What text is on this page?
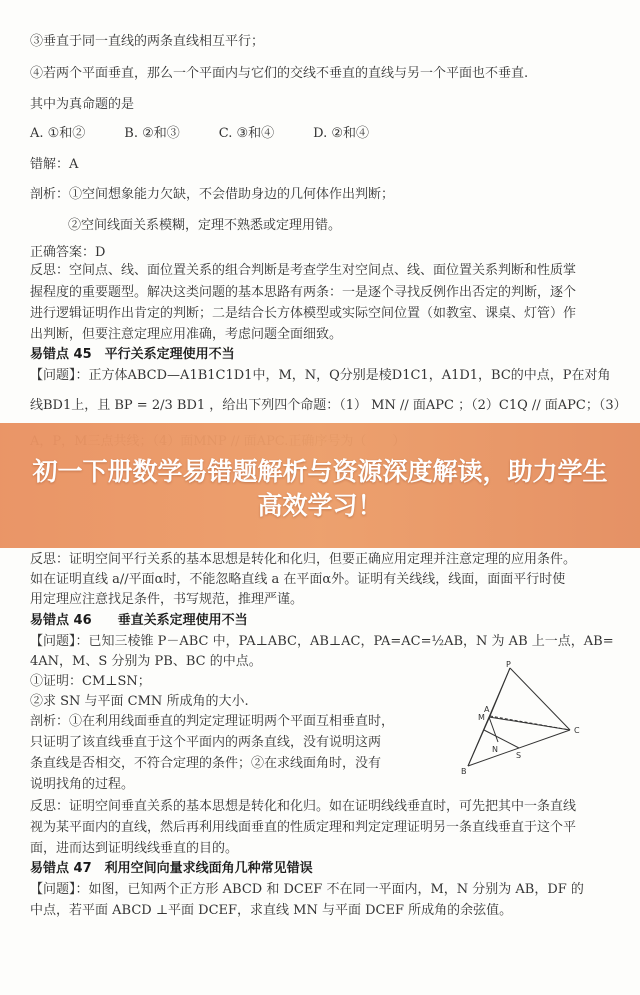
③垂直于同一直线的两条直线相互平行；
④若两个平面垂直，那么一个平面内与它们的交线不垂直的直线与另一个平面也不垂直.
其中为真命题的是
A. ①和②　　　B. ②和③　　　C. ③和④　　　D. ②和④
错解：A
剖析：①空间想象能力欠缺，不会借助身边的几何体作出判断；
②空间线面关系模糊，定理不熟悉或定理用错。
正确答案：D
反思：空间点、线、面位置关系的组合判断是考查学生对空间点、线、面位置关系判断和性质掌
握程度的重要题型。解决这类问题的基本思路有两条：一是逐个寻找反例作出否定的判断，逐个
进行逻辑证明作出肯定的判断；二是结合长方体模型或实际空间位置（如教室、课桌、灯管）作
出判断，但要注意定理应用准确，考虑问题全面细致。
易错点 45　平行关系定理使用不当
【问题】：正方体ABCD—A1B1C1D1中，M，N，Q分别是棱D1C1，A1D1，BC的中点，P在对角
线BD1上，且 BP = 2/3 BD1 ，给出下列四个命题：（1） MN // 面APC ；（2）C1Q // 面APC；（3）
初一下册数学易错题解析与资源深度解读，助力学生高效学习！
反思：证明空间平行关系的基本思想是转化和化归，但要正确应用定理并注意定理的应用条件。
如在证明直线 a//平面α时，不能忽略直线 a 在平面α外。证明有关线线，线面，面面平行时使
用定理应注意找足条件，书写规范，推理严谨。
易错点 46　　垂直关系定理使用不当
【问题】：已知三棱锥 P－ABC 中，PA⊥ABC，AB⊥AC，PA=AC=½AB，N 为 AB 上一点，AB=
4AN，M、S 分别为 PB、BC 的中点。
①证明：CM⊥SN；
②求 SN 与平面 CMN 所成角的大小.
剖析：①在利用线面垂直的判定定理证明两个平面互相垂直时，
只证明了该直线垂直于这个平面内的两条直线，没有说明这两
条直线是否相交，不符合定理的条件；②在求线面角时，没有
说明找角的过程。
反思：证明空间垂直关系的基本思想是转化和化归。如在证明线线垂直时，可先把其中一条直线
视为某平面内的直线，然后再利用线面垂直的性质定理和判定定理证明另一条直线垂直于这个平
面，进而达到证明线线垂直的目的。
易错点 47　利用空间向量求线面角几种常见错误
【问题】：如图，已知两个正方形 ABCD 和 DCEF 不在同一平面内，M，N 分别为 AB，DF 的
中点，若平面 ABCD ⊥平面 DCEF，求直线 MN 与平面 DCEF 所成角的余弦值。
P
M
N
A
C
S
B
